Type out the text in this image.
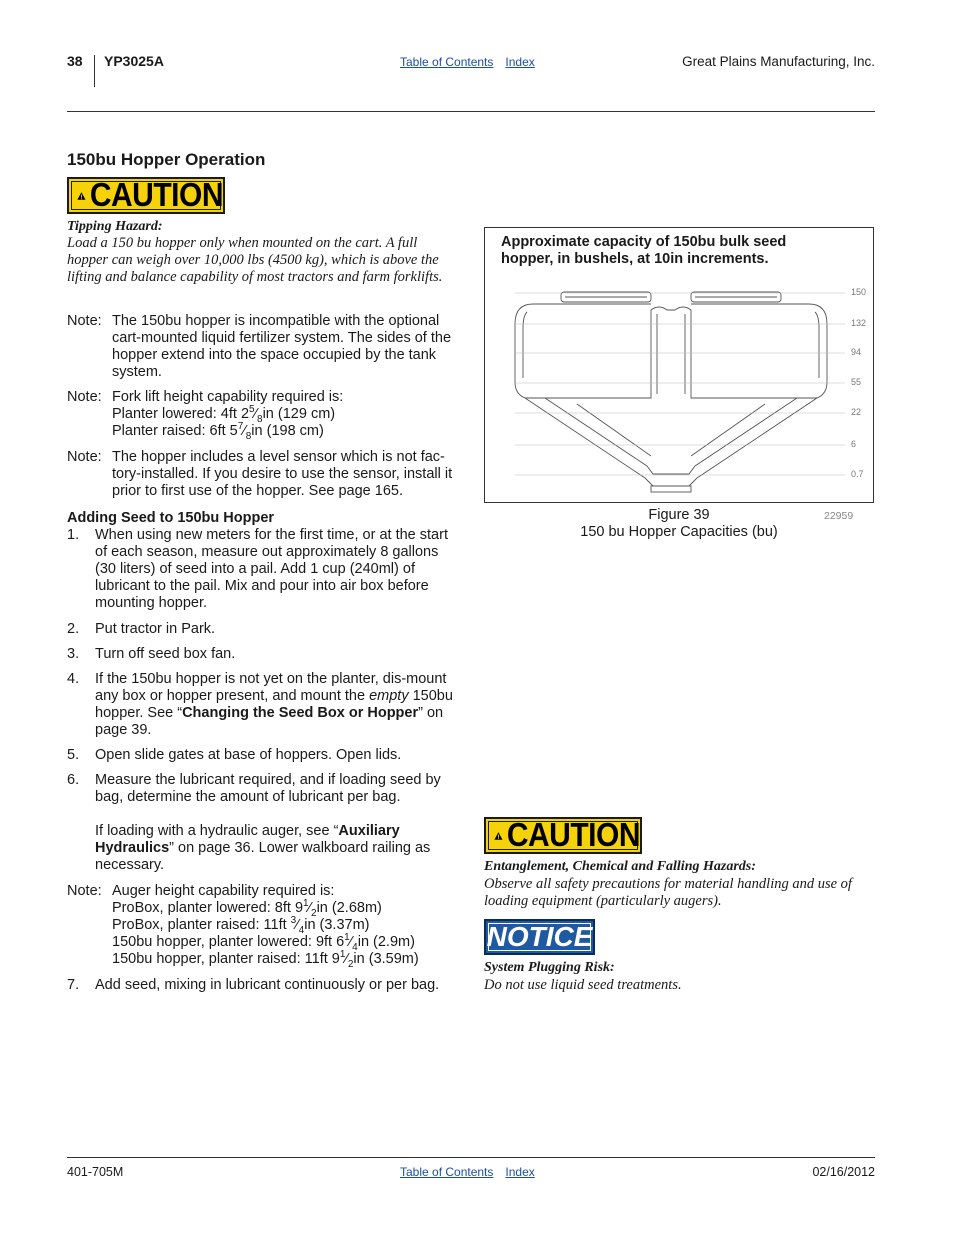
38 YP3025A	Table of Contents Index	Great Plains Manufacturing, Inc.
150bu Hopper Operation
CAUTION
Tipping Hazard:
Load a 150 bu hopper only when mounted on the cart. A full hopper can weigh over 10,000 lbs (4500 kg), which is above the lifting and balance capability of most tractors and farm forklifts.
Note: The 150bu hopper is incompatible with the optional cart-mounted liquid fertilizer system. The sides of the hopper extend into the space occupied by the tank system.
Note: Fork lift height capability required is:
Planter lowered: 4ft $2^5⁄_8in$ (129 cm)
Planter raised: 6ft $5^7⁄_8in$ (198 cm)
Note: The hopper includes a level sensor which is not fac-tory-installed. If you desire to use the sensor, install it prior to first use of the hopper. See page 165.
Adding Seed to 150bu Hopper
1.	When using new meters for the first time, or at the start of each season, measure out approximately 8 gallons (30 liters) of seed into a pail. Add 1 cup (240ml) of lubricant to the pail. Mix and pour into air box before mounting hopper.
2.	Put tractor in Park.
3.	Turn off seed box fan.
4.	If the 150bu hopper is not yet on the planter, dis-mount any box or hopper present, and mount the empty 150bu hopper. See “Changing the Seed Box or Hopper” on page 39.
5.	Open slide gates at base of hoppers. Open lids.
6.	Measure the lubricant required, and if loading seed by bag, determine the amount of lubricant per bag.
If loading with a hydraulic auger, see “Auxiliary Hydraulics” on page 36. Lower walkboard railing as necessary.
Note: Auger height capability required is:
ProBox, planter lowered: 8ft $9^1⁄_2in$ (2.68m)
ProBox, planter raised: 11ft $^3⁄_4in$ (3.37m)
150bu hopper, planter lowered: 9ft $6^1⁄_4in$ (2.9m)
150bu hopper, planter raised: 11ft $9^1⁄_2in$ (3.59m)
7.	Add seed, mixing in lubricant continuously or per bag.
Approximate capacity of 150bu bulk seed hopper, in bushels, at 10in increments.
150
132
94
55
22
6
0.7
Figure 39
150 bu Hopper Capacities (bu)
22959
CAUTION
Entanglement, Chemical and Falling Hazards:
Observe all safety precautions for material handling and use of loading equipment (particularly augers).
NOTICE
System Plugging Risk:
Do not use liquid seed treatments.
401-705M	Table of Contents Index	02/16/2012
